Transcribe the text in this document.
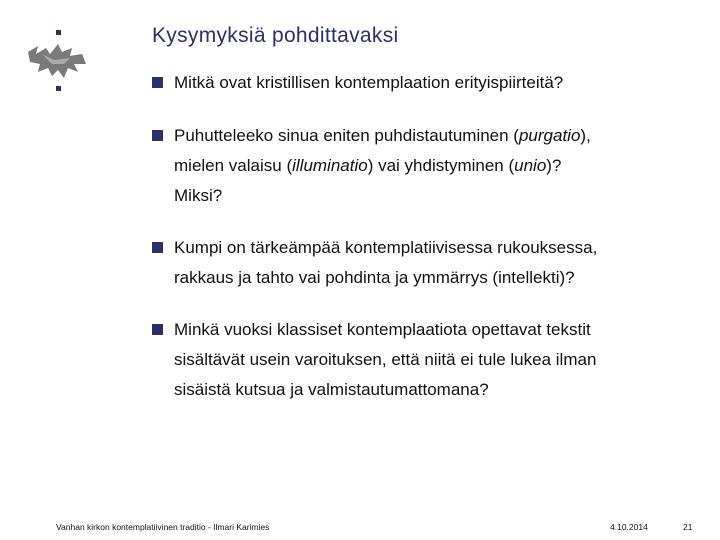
Kysymyksiä pohdittavaksi
Mitkä ovat kristillisen kontemplaation erityispiirteitä?
Puhutteleeko sinua eniten puhdistautuminen (purgatio),
mielen valaisu (illuminatio) vai yhdistyminen (unio)?
Miksi?
Kumpi on tärkeämpää kontemplatiivisessa rukouksessa,
rakkaus ja tahto vai pohdinta ja ymmärrys (intellekti)?
Minkä vuoksi klassiset kontemplaatiota opettavat tekstit
sisältävät usein varoituksen, että niitä ei tule lukea ilman
sisäistä kutsua ja valmistautumattomana?
Vanhan kirkon kontemplatiivinen traditio - Ilmari Karimies	4.10.2014	21
